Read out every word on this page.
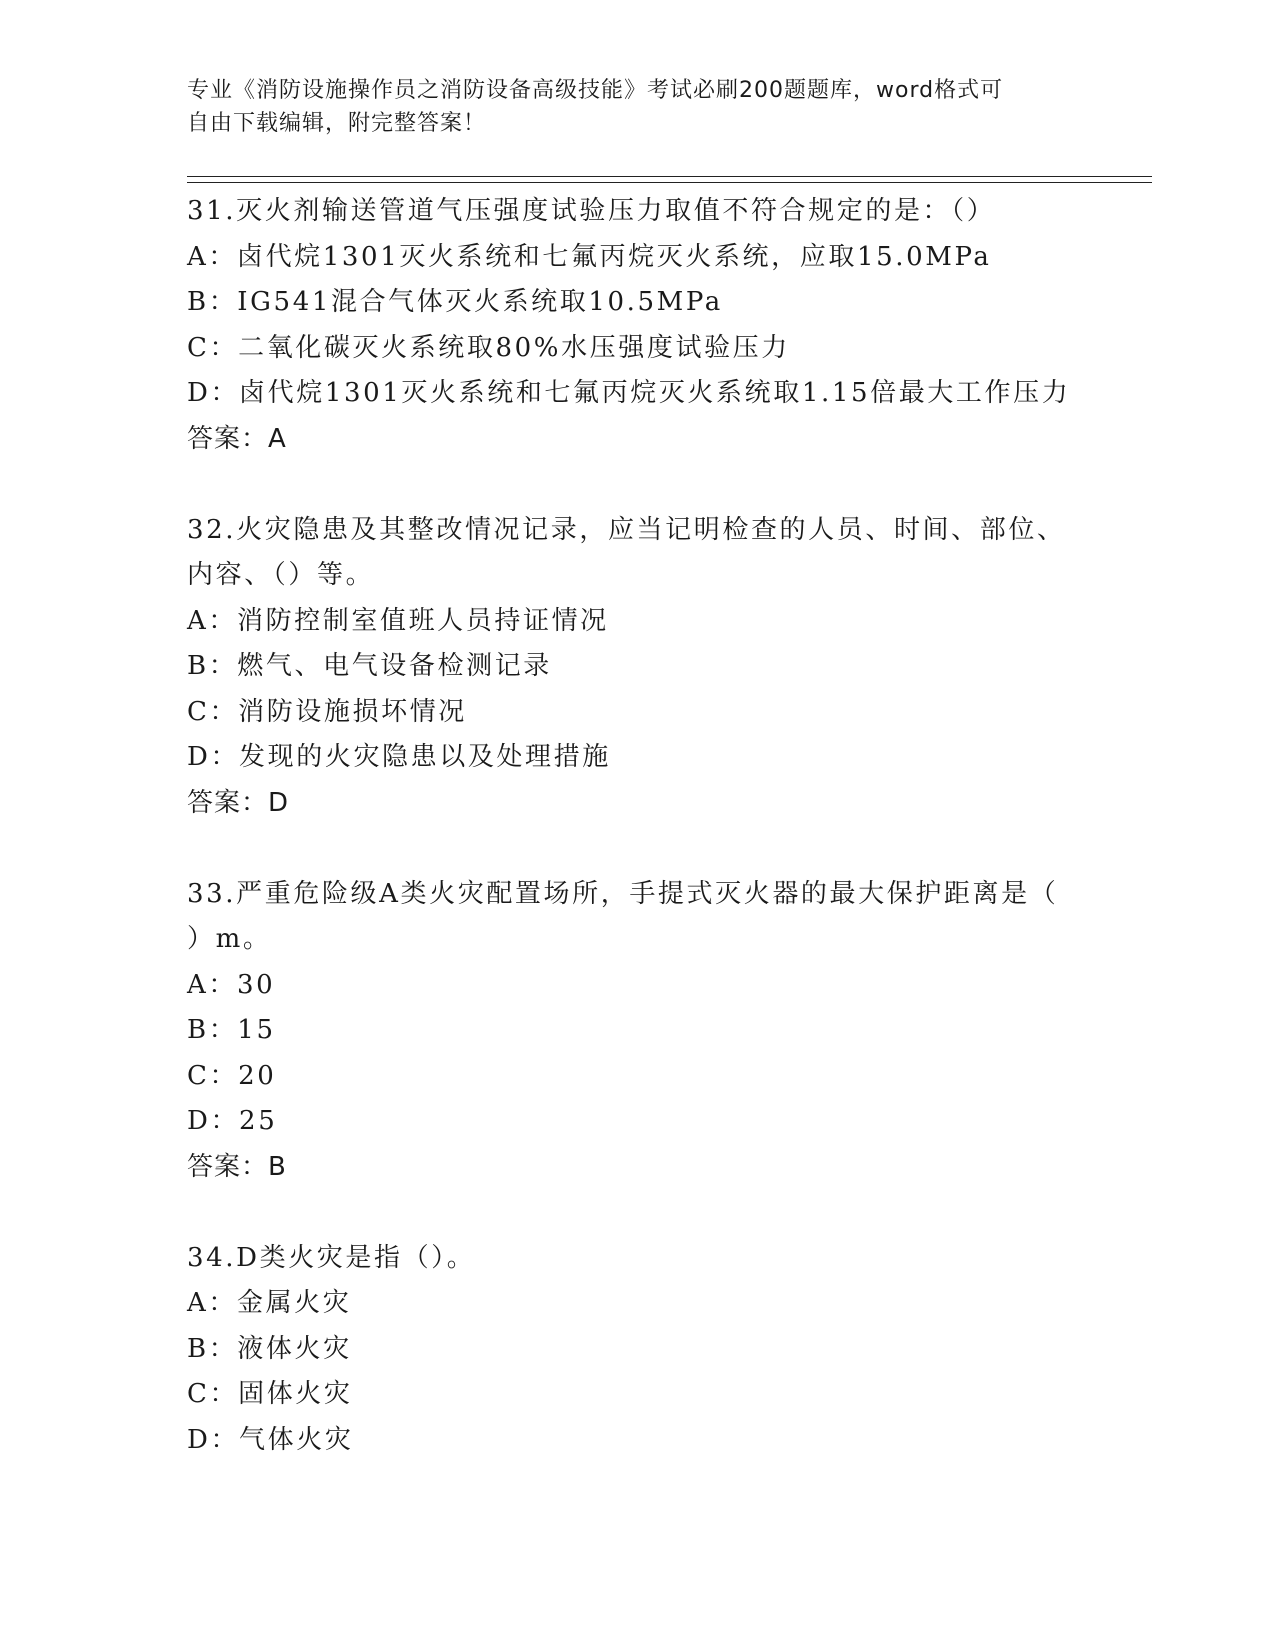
专业《消防设施操作员之消防设备高级技能》考试必刷200题题库，word格式可
自由下载编辑，附完整答案！
31.灭火剂输送管道气压强度试验压力取值不符合规定的是：（）
A：卤代烷1301灭火系统和七氟丙烷灭火系统，应取15.0MPa
B：IG541混合气体灭火系统取10.5MPa
C：二氧化碳灭火系统取80%水压强度试验压力
D：卤代烷1301灭火系统和七氟丙烷灭火系统取1.15倍最大工作压力
答案：A
32.火灾隐患及其整改情况记录，应当记明检查的人员、时间、部位、
内容、（）等。
A：消防控制室值班人员持证情况
B：燃气、电气设备检测记录
C：消防设施损坏情况
D：发现的火灾隐患以及处理措施
答案：D
33.严重危险级A类火灾配置场所，手提式灭火器的最大保护距离是（
）m。
A：30
B：15
C：20
D：25
答案：B
34.D类火灾是指（）。
A：金属火灾
B：液体火灾
C：固体火灾
D：气体火灾
